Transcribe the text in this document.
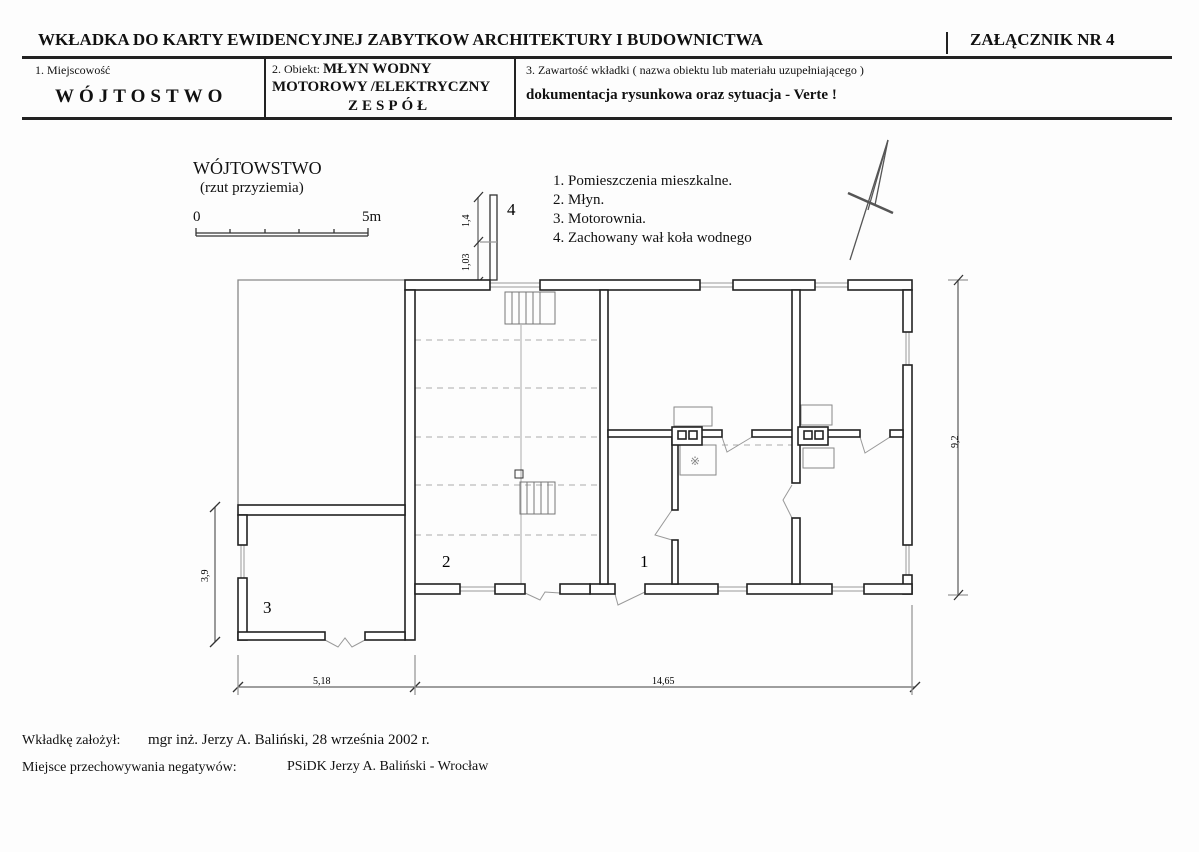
WKŁADKA DO KARTY EWIDENCYJNEJ ZABYTKOW ARCHITEKTURY I BUDOWNICTWA	ZAŁĄCZNIK NR 4
1. Miejscowość
WÓJTOSTWO
2. Obiekt: MŁYN WODNY
MOTOROWY /ELEKTRYCZNY
ZESPÓŁ
3. Zawartość wkładki ( nazwa obiektu lub materiału uzupełniającego )
dokumentacja rysunkowa oraz sytuacja - Verte !
WÓJTOWSTWO
(rzut przyziemia)
0	5m
1. Pomieszczenia mieszkalne.
2. Młyn.
3. Motorownia.
4. Zachowany wał koła wodnego
※
1
2
3
4
1,4
1,03
9,2
3,9
5,18	14,65
Wkładkę założył: mgr inż. Jerzy A. Baliński, 28 września 2002 r.
Miejsce przechowywania negatywów:	PSiDK Jerzy A. Baliński - Wrocław
